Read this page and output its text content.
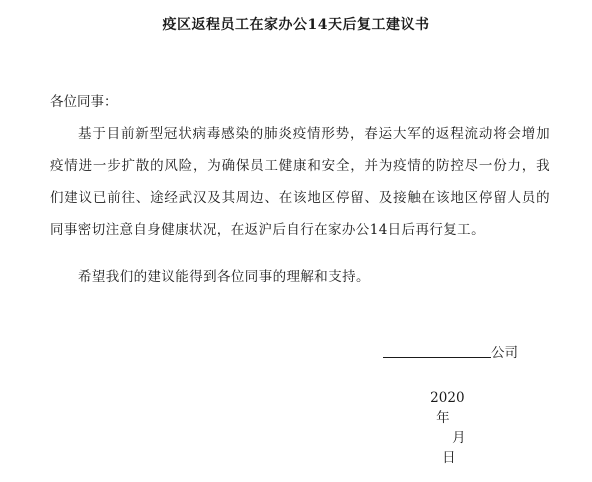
疫区返程员工在家办公14天后复工建议书
各位同事：
基于目前新型冠状病毒感染的肺炎疫情形势，春运大军的返程流动将会增加疫情进一步扩散的风险，为确保员工健康和安全，并为疫情的防控尽一份力，我们建议已前往、途经武汉及其周边、在该地区停留、及接触在该地区停留人员的同事密切注意自身健康状况，在返沪后自行在家办公14日后再行复工。
希望我们的建议能得到各位同事的理解和支持。
公司

2020
年
月
日
